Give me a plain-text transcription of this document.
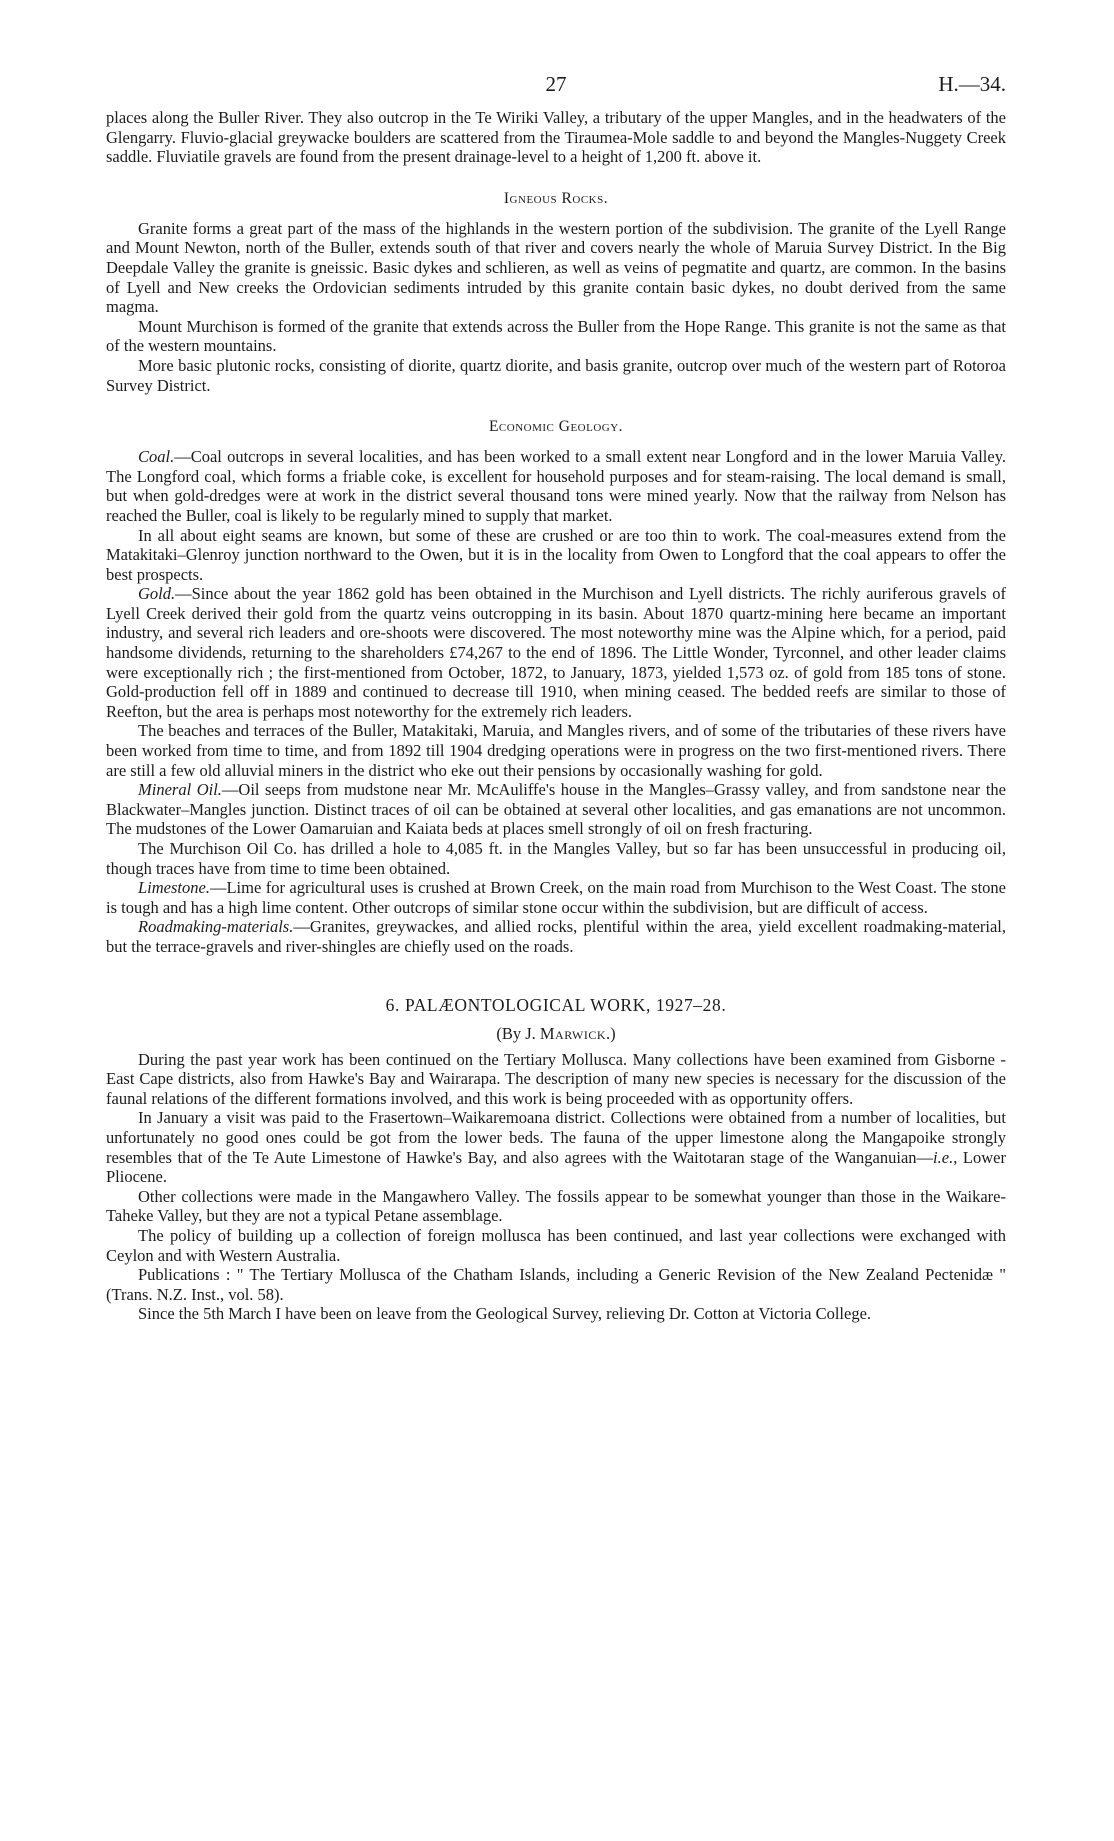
27	H.—34.

places along the Buller River. They also outcrop in the Te Wiriki Valley, a tributary of the upper Mangles, and in the headwaters of the Glengarry. Fluvio-glacial greywacke boulders are scattered from the Tiraumea-Mole saddle to and beyond the Mangles-Nuggety Creek saddle. Fluviatile gravels are found from the present drainage-level to a height of 1,200 ft. above it.

Igneous Rocks.

Granite forms a great part of the mass of the highlands in the western portion of the subdivision. The granite of the Lyell Range and Mount Newton, north of the Buller, extends south of that river and covers nearly the whole of Maruia Survey District. In the Big Deepdale Valley the granite is gneissic. Basic dykes and schlieren, as well as veins of pegmatite and quartz, are common. In the basins of Lyell and New creeks the Ordovician sediments intruded by this granite contain basic dykes, no doubt derived from the same magma.

Mount Murchison is formed of the granite that extends across the Buller from the Hope Range. This granite is not the same as that of the western mountains.

More basic plutonic rocks, consisting of diorite, quartz diorite, and basis granite, outcrop over much of the western part of Rotoroa Survey District.

Economic Geology.

Coal.—Coal outcrops in several localities, and has been worked to a small extent near Longford and in the lower Maruia Valley. The Longford coal, which forms a friable coke, is excellent for household purposes and for steam-raising. The local demand is small, but when gold-dredges were at work in the district several thousand tons were mined yearly. Now that the railway from Nelson has reached the Buller, coal is likely to be regularly mined to supply that market.

In all about eight seams are known, but some of these are crushed or are too thin to work. The coal-measures extend from the Matakitaki–Glenroy junction northward to the Owen, but it is in the locality from Owen to Longford that the coal appears to offer the best prospects.

Gold.—Since about the year 1862 gold has been obtained in the Murchison and Lyell districts. The richly auriferous gravels of Lyell Creek derived their gold from the quartz veins outcropping in its basin. About 1870 quartz-mining here became an important industry, and several rich leaders and ore-shoots were discovered. The most noteworthy mine was the Alpine which, for a period, paid handsome dividends, returning to the shareholders £74,267 to the end of 1896. The Little Wonder, Tyrconnel, and other leader claims were exceptionally rich ; the first-mentioned from October, 1872, to January, 1873, yielded 1,573 oz. of gold from 185 tons of stone. Gold-production fell off in 1889 and continued to decrease till 1910, when mining ceased. The bedded reefs are similar to those of Reefton, but the area is perhaps most noteworthy for the extremely rich leaders.

The beaches and terraces of the Buller, Matakitaki, Maruia, and Mangles rivers, and of some of the tributaries of these rivers have been worked from time to time, and from 1892 till 1904 dredging operations were in progress on the two first-mentioned rivers. There are still a few old alluvial miners in the district who eke out their pensions by occasionally washing for gold.

Mineral Oil.—Oil seeps from mudstone near Mr. McAuliffe's house in the Mangles–Grassy valley, and from sandstone near the Blackwater–Mangles junction. Distinct traces of oil can be obtained at several other localities, and gas emanations are not uncommon. The mudstones of the Lower Oamaruian and Kaiata beds at places smell strongly of oil on fresh fracturing.

The Murchison Oil Co. has drilled a hole to 4,085 ft. in the Mangles Valley, but so far has been unsuccessful in producing oil, though traces have from time to time been obtained.

Limestone.—Lime for agricultural uses is crushed at Brown Creek, on the main road from Murchison to the West Coast. The stone is tough and has a high lime content. Other outcrops of similar stone occur within the subdivision, but are difficult of access.

Roadmaking-materials.—Granites, greywackes, and allied rocks, plentiful within the area, yield excellent roadmaking-material, but the terrace-gravels and river-shingles are chiefly used on the roads.

6. PALÆONTOLOGICAL WORK, 1927–28.
(By J. Marwick.)

During the past year work has been continued on the Tertiary Mollusca. Many collections have been examined from Gisborne - East Cape districts, also from Hawke's Bay and Wairarapa. The description of many new species is necessary for the discussion of the faunal relations of the different formations involved, and this work is being proceeded with as opportunity offers.

In January a visit was paid to the Frasertown–Waikaremoana district. Collections were obtained from a number of localities, but unfortunately no good ones could be got from the lower beds. The fauna of the upper limestone along the Mangapoike strongly resembles that of the Te Aute Limestone of Hawke's Bay, and also agrees with the Waitotaran stage of the Wanganuian—i.e., Lower Pliocene.

Other collections were made in the Mangawhero Valley. The fossils appear to be somewhat younger than those in the Waikare-Taheke Valley, but they are not a typical Petane assemblage.

The policy of building up a collection of foreign mollusca has been continued, and last year collections were exchanged with Ceylon and with Western Australia.

Publications : " The Tertiary Mollusca of the Chatham Islands, including a Generic Revision of the New Zealand Pectenidæ " (Trans. N.Z. Inst., vol. 58).

Since the 5th March I have been on leave from the Geological Survey, relieving Dr. Cotton at Victoria College.
